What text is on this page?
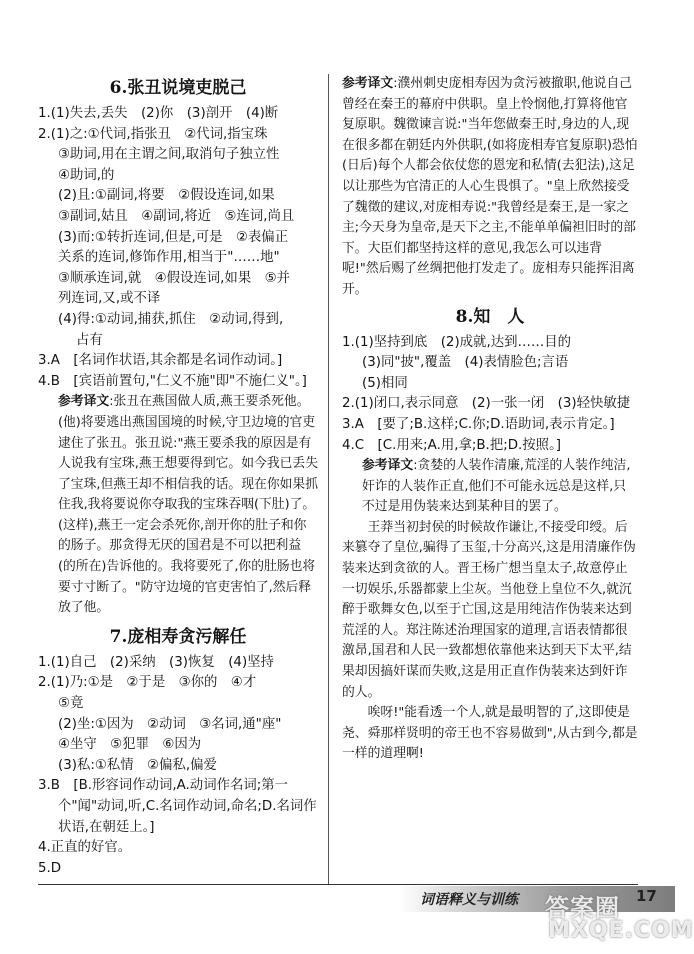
6.张丑说境吏脱己
1.(1)失去,丢失　(2)你　(3)剖开　(4)断
2.(1)之:①代词,指张丑　②代词,指宝珠
③助词,用在主谓之间,取消句子独立性
④助词,的
(2)且:①副词,将要　②假设连词,如果
③副词,姑且　④副词,将近　⑤连词,尚且
(3)而:①转折连词,但是,可是　②表偏正
关系的连词,修饰作用,相当于"……地"
③顺承连词,就　④假设连词,如果　⑤并
列连词,又,或不译
(4)得:①动词,捕获,抓住　②动词,得到,
占有
3.A　[名词作状语,其余都是名词作动词。]
4.B　[宾语前置句,"仁义不施"即"不施仁义"。]
参考译文:张丑在燕国做人质,燕王要杀死他。(他)将要逃出燕国国境的时候,守卫边境的官吏逮住了张丑。张丑说:"燕王要杀我的原因是有人说我有宝珠,燕王想要得到它。如今我已丢失了宝珠,但燕王却不相信我的话。现在你如果抓住我,我将要说你夺取我的宝珠吞咽(下肚)了。(这样),燕王一定会杀死你,剖开你的肚子和你的肠子。那贪得无厌的国君是不可以把利益(的所在)告诉他的。我将要死了,你的肚肠也将要寸寸断了。"防守边境的官吏害怕了,然后释放了他。
7.庞相寿贪污解任
1.(1)自己　(2)采纳　(3)恢复　(4)坚持
2.(1)乃:①是　②于是　③你的　④才
⑤竟
(2)坐:①因为　②动词　③名词,通"座"
④坐守　⑤犯罪　⑥因为
(3)私:①私情　②偏私,偏爱
3.B　[B.形容词作动词,A.动词作名词;第一个"闻"动词,听,C.名词作动词,命名;D.名词作状语,在朝廷上。]
4.正直的好官。
5.D
参考译文:濮州刺史庞相寿因为贪污被撤职,他说自己曾经在秦王的幕府中供职。皇上怜悯他,打算将他官复原职。魏徵谏言说:"当年您做秦王时,身边的人,现在很多都在朝廷内外供职,(如将庞相寿官复原职)恐怕(日后)每个人都会依仗您的恩宠和私情(去犯法),这足以让那些为官清正的人心生畏惧了。"皇上欣然接受了魏徵的建议,对庞相寿说:"我曾经是秦王,是一家之主;今天身为皇帝,是天下之主,不能单单偏袒旧时的部下。大臣们都坚持这样的意见,我怎么可以违背呢!"然后赐了丝绸把他打发走了。庞相寿只能挥泪离开。
8.知　人
1.(1)坚持到底　(2)成就,达到……目的
(3)同"披",覆盖　(4)表情脸色;言语
(5)相同
2.(1)闭口,表示同意　(2)一张一闭　(3)轻快敏捷
3.A　[要了;B.这样;C.你;D.语助词,表示肯定。]
4.C　[C.用来;A.用,拿;B.把;D.按照。]
参考译文:贪婪的人装作清廉,荒淫的人装作纯洁,奸诈的人装作正直,他们不可能永远总是这样,只不过是用伪装来达到某种目的罢了。
王莽当初封侯的时候故作谦让,不接受印绶。后来篡夺了皇位,骗得了玉玺,十分高兴,这是用清廉作伪装来达到贪欲的人。晋王杨广想当皇太子,故意停止一切娱乐,乐器都蒙上尘灰。当他登上皇位不久,就沉醉于歌舞女色,以至于亡国,这是用纯洁作伪装来达到荒淫的人。郑注陈述治理国家的道理,言语表情都很激昂,国君和人民一致都想依靠他来达到天下太平,结果却因搞奸谋而失败,这是用正直作伪装来达到奸诈的人。
唉呀!"能看透一个人,就是最明智的了,这即使是尧、舜那样贤明的帝王也不容易做到",从古到今,都是一样的道理啊!
词语释义与训练	17
答案圈
MXQE.COM
